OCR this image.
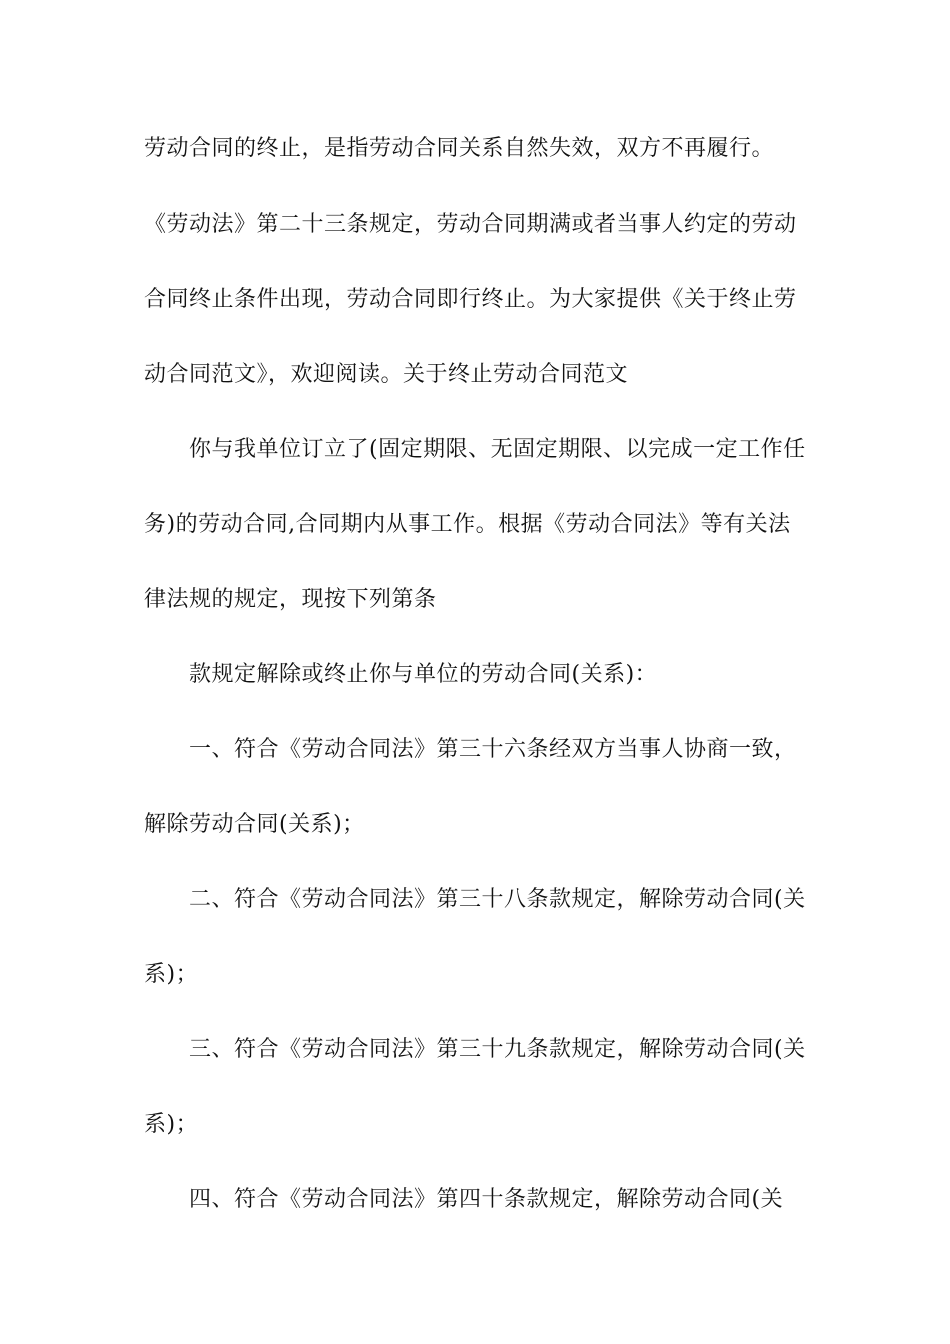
劳动合同的终止，是指劳动合同关系自然失效，双方不再履行。
《劳动法》第二十三条规定，劳动合同期满或者当事人约定的劳动
合同终止条件出现，劳动合同即行终止。为大家提供《关于终止劳
动合同范文》，欢迎阅读。关于终止劳动合同范文
你与我单位订立了(固定期限、无固定期限、以完成一定工作任
务)的劳动合同,合同期内从事工作。根据《劳动合同法》等有关法
律法规的规定，现按下列第条
款规定解除或终止你与单位的劳动合同(关系)：
一、符合《劳动合同法》第三十六条经双方当事人协商一致，
解除劳动合同(关系)；
二、符合《劳动合同法》第三十八条款规定，解除劳动合同(关
系)；
三、符合《劳动合同法》第三十九条款规定，解除劳动合同(关
系)；
四、符合《劳动合同法》第四十条款规定，解除劳动合同(关
